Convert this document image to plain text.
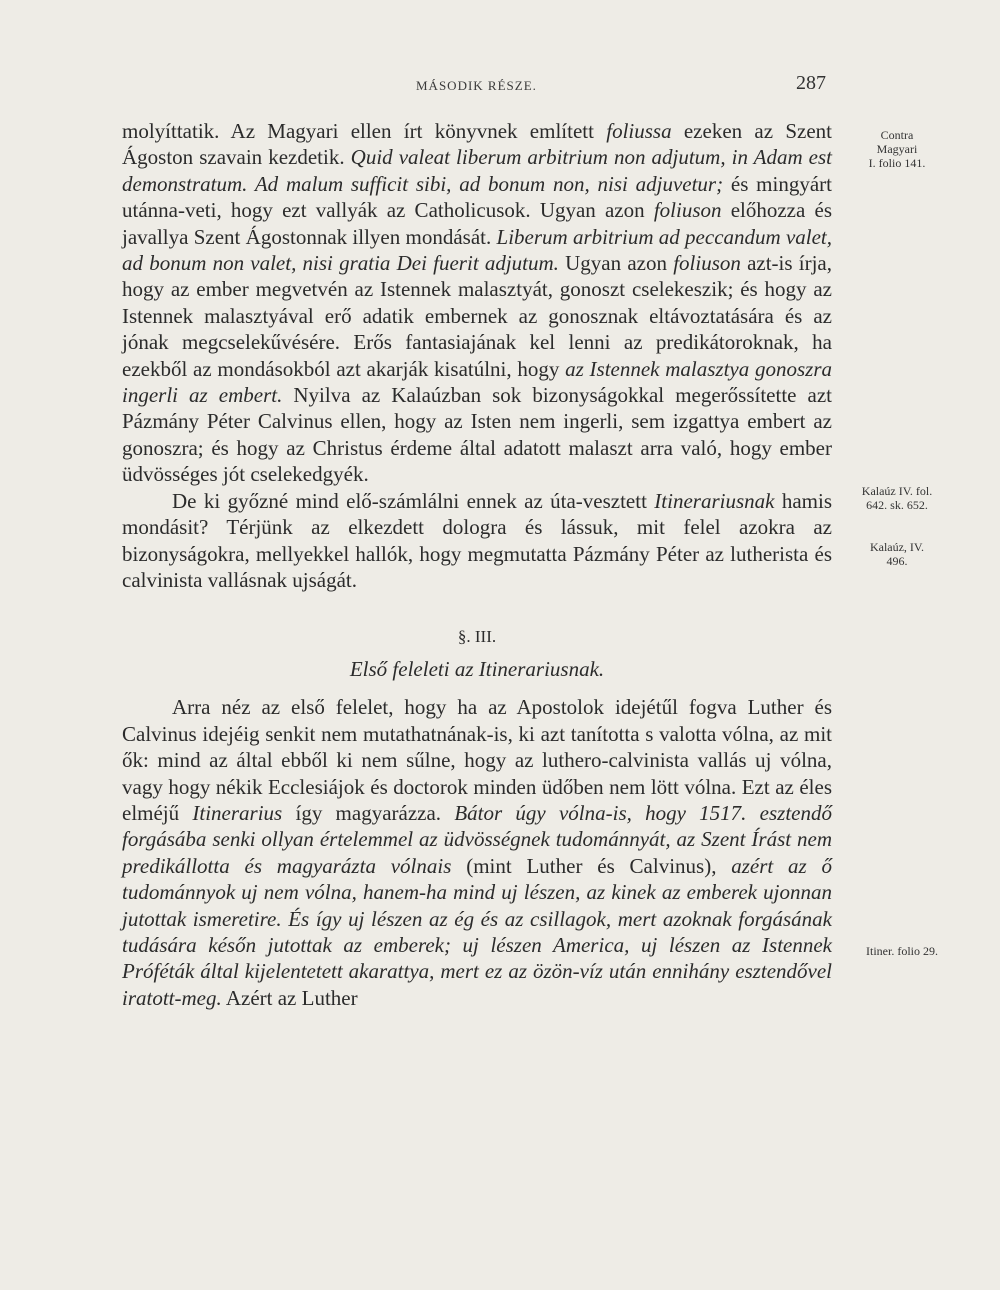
MÁSODIK RÉSZE.	287
Contra
Magyari
I. folio 141.
Kalaúz IV. fol.
642. sk. 652.
Kalaúz, IV.
496.
Itiner. folio 29.

molyíttatik. Az Magyari ellen írt könyvnek említett foliussa ezeken az Szent Ágoston szavain kezdetik. Quid valeat liberum arbitrium non adjutum, in Adam est demonstratum. Ad malum sufficit sibi, ad bonum non, nisi adjuvetur; és mingyárt utánna-veti, hogy ezt vallyák az Catholicusok. Ugyan azon foliuson előhozza és javallya Szent Ágostonnak illyen mondását. Liberum arbitrium ad peccandum valet, ad bonum non valet, nisi gratia Dei fuerit adjutum. Ugyan azon foliuson azt-is írja, hogy az ember megvetvén az Istennek malasztyát, gonoszt cselekeszik; és hogy az Istennek malasztyával erő adatik embernek az gonosznak eltávoztatására és az jónak megcselekűvésére. Erős fantasiajának kel lenni az predikátoroknak, ha ezekből az mondásokból azt akarják kisatúlni, hogy az Istennek malasztya gonoszra ingerli az embert. Nyilva az Kalaúzban sok bizonyságokkal megerőssítette azt Pázmány Péter Calvinus ellen, hogy az Isten nem ingerli, sem izgattya embert az gonoszra; és hogy az Christus érdeme által adatott malaszt arra való, hogy ember üdvösséges jót cselekedgyék.

De ki győzné mind elő-számlálni ennek az úta-vesztett Itinerariusnak hamis mondásit? Térjünk az elkezdett dologra és lássuk, mit felel azokra az bizonyságokra, mellyekkel hallók, hogy megmutatta Pázmány Péter az lutherista és calvinista vallásnak ujságát.

§. III.
Első feleleti az Itinerariusnak.

Arra néz az első felelet, hogy ha az Apostolok idejétűl fogva Luther és Calvinus idejéig senkit nem mutathatnának-is, ki azt tanította s valotta vólna, az mit ők: mind az által ebből ki nem sűlne, hogy az luthero-calvinista vallás uj vólna, vagy hogy nékik Ecclesiájok és doctorok minden üdőben nem lött vólna. Ezt az éles elméjű Itinerarius így magyarázza. Bátor úgy vólna-is, hogy 1517. esztendő forgásába senki ollyan értelemmel az üdvösségnek tudománnyát, az Szent Írást nem predikállotta és magyarázta vólnais (mint Luther és Calvinus), azért az ő tudománnyok uj nem vólna, hanem-ha mind uj lészen, az kinek az emberek ujonnan jutottak ismeretire. És így uj lészen az ég és az csillagok, mert azoknak forgásának tudására későn jutottak az emberek; uj lészen America, uj lészen az Istennek Próféták által kijelentetett akarattya, mert ez az özön-víz után ennihány esztendővel iratott-meg. Azért az Luther
